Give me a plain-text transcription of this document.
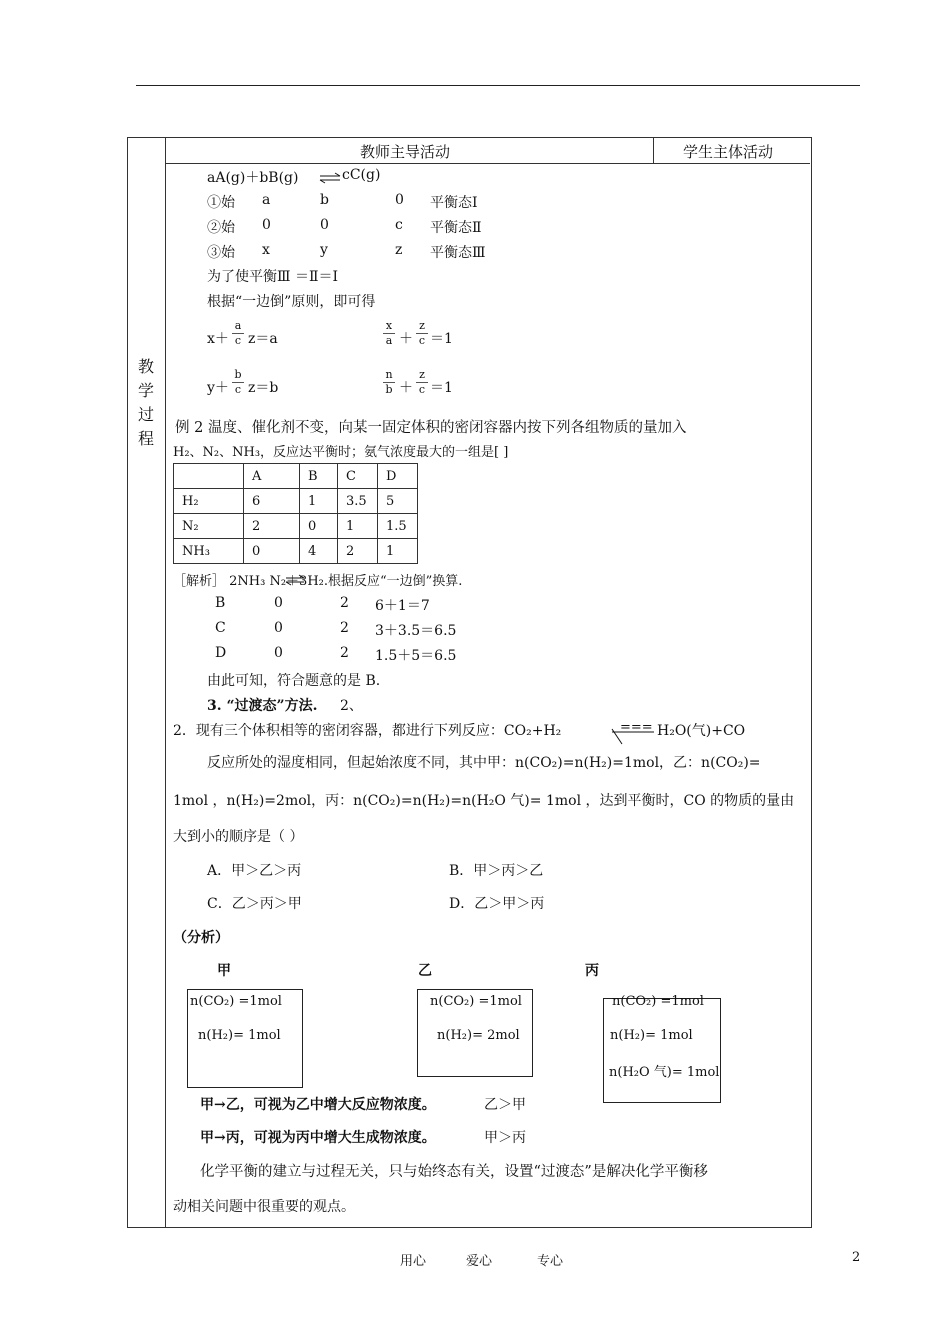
教师主导活动	学生主体活动
教
学
过
程
aA(g)＋bB(g) ⇌ cC(g)
①始 a	b	0 平衡态Ⅰ
②始 0	0	c 平衡态Ⅱ
③始 x	y	z 平衡态Ⅲ
为了使平衡Ⅲ ＝Ⅱ＝Ⅰ
根据“一边倒”原则，即可得
x＋
a
c z＝a
x
a ＋
z
c ＝1
y＋
b
c z＝b
n
b ＋
z
c ＝1
例 2 温度、催化剂不变，向某一固定体积的密闭容器内按下列各组物质的量加入
H₂、N₂、NH₃，反应达平衡时；氨气浓度最大的一组是[ ]
	A	B	C	D
H₂	6	1	3.5	5
N₂	2	0	1	1.5
NH₃	0	4	2	1
［解析］ 2NH₃ N₂＋3H₂.根据反应“一边倒”换算.
B	0	2 6＋1＝7
C	0	2 3＋3.5＝6.5
D	0	2 1.5＋5＝6.5
由此可知，符合题意的是 B.
3. “过渡态”方法. 2、
2．现有三个体积相等的密闭容器，都进行下列反应：CO₂+H₂	=== H₂O(气)+CO
反应所处的湿度相同，但起始浓度不同，其中甲：n(CO₂)=n(H₂)=1mol，乙：n(CO₂)=
1mol ，n(H₂)=2mol，丙：n(CO₂)=n(H₂)=n(H₂O 气)= 1mol ，达到平衡时，CO 的物质的量由
大到小的顺序是（ ）
A．甲＞乙＞丙	B．甲＞丙＞乙
C．乙＞丙＞甲	D．乙＞甲＞丙
（分析）
甲	乙	丙
n(CO₂) =1mol
n(H₂)= 1mol
n(CO₂) =1mol
n(H₂)= 2mol
n(CO₂) =1mol
n(H₂)= 1mol
n(H₂O 气)= 1mol
甲→乙，可视为乙中增大反应物浓度。	乙＞甲
甲→丙，可视为丙中增大生成物浓度。	甲＞丙
化学平衡的建立与过程无关，只与始终态有关，设置“过渡态”是解决化学平衡移
动相关问题中很重要的观点。
用心	爱心	专心	2
